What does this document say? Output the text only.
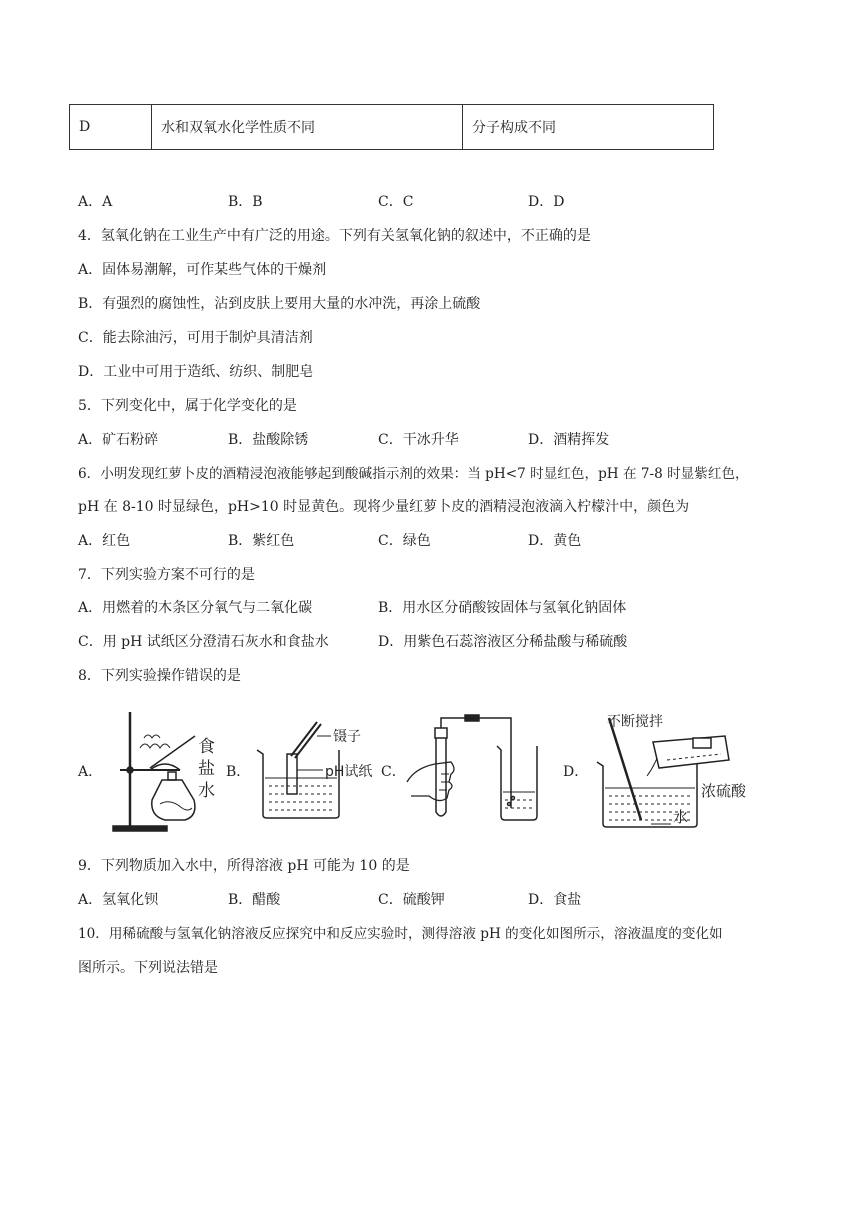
D	水和双氧水化学性质不同	分子构成不同
A．A	B．B	C．C	D．D
4．氢氧化钠在工业生产中有广泛的用途。下列有关氢氧化钠的叙述中，不正确的是
A．固体易潮解，可作某些气体的干燥剂
B．有强烈的腐蚀性，沾到皮肤上要用大量的水冲洗，再涂上硫酸
C．能去除油污，可用于制炉具清洁剂
D．工业中可用于造纸、纺织、制肥皂
5．下列变化中，属于化学变化的是
A．矿石粉碎	B．盐酸除锈	C．干冰升华	D．酒精挥发
6．小明发现红萝卜皮的酒精浸泡液能够起到酸碱指示剂的效果：当 pH<7 时显红色，pH 在 7-8 时显紫红色，
pH 在 8-10 时显绿色，pH>10 时显黄色。现将少量红萝卜皮的酒精浸泡液滴入柠檬汁中，颜色为
A．红色	B．紫红色	C．绿色	D．黄色
7．下列实验方案不可行的是
A．用燃着的木条区分氧气与二氧化碳	B．用水区分硝酸铵固体与氢氧化钠固体
C．用 pH 试纸区分澄清石灰水和食盐水	D．用紫色石蕊溶液区分稀盐酸与稀硫酸
8．下列实验操作错误的是
A．	B．	C．	D．
食
盐
水
镊子
pH试纸
不断搅拌
浓硫酸
水
9．下列物质加入水中，所得溶液 pH 可能为 10 的是
A．氢氧化钡	B．醋酸	C．硫酸钾	D．食盐
10．用稀硫酸与氢氧化钠溶液反应探究中和反应实验时，测得溶液 pH 的变化如图所示，溶液温度的变化如
图所示。下列说法错是
